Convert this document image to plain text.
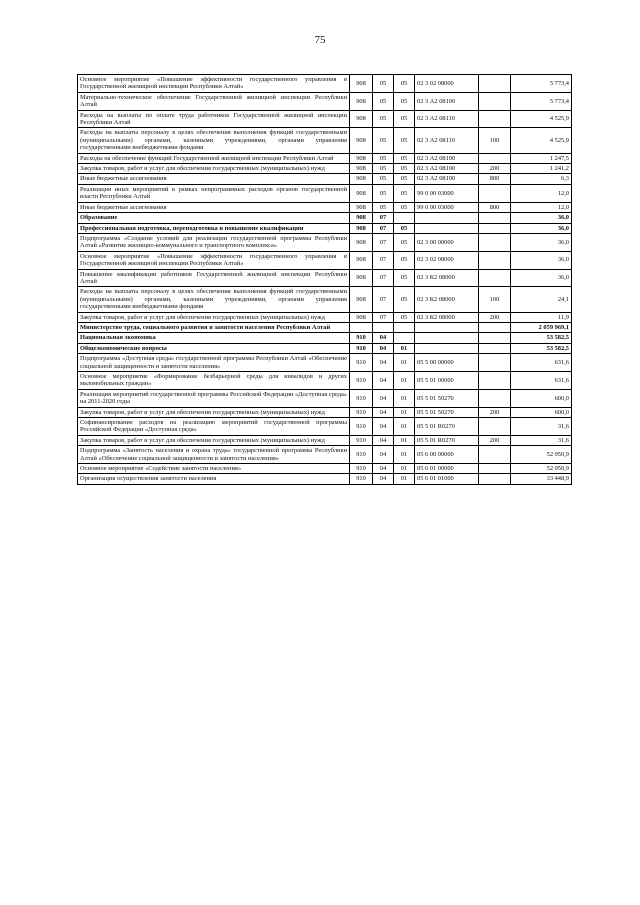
75
Основное мероприятие «Повышение эффективности государственного управления в Государственной жилищной инспекции Республики Алтай»	908	05	05	02 3 02 08000		5 773,4
Материально-техническое обеспечение Государственной жилищной инспекции Республики Алтай	908	05	05	02 3 А2 08100		5 773,4
Расходы на выплаты по оплате труда работников Государственной жилищной инспекции Республики Алтай	908	05	05	02 3 А2 08110		4 525,9
Расходы на выплаты персоналу в целях обеспечения выполнения функций государственными (муниципальными) органами, казенными учреждениями, органами управления государственными внебюджетными фондами	908	05	05	02 3 А2 08110	100	4 525,9
Расходы на обеспечение функций Государственной жилищной инспекции Республики Алтай	908	05	05	02 3 А2 08190		1 247,5
Закупка товаров, работ и услуг для обеспечения государственных (муниципальных) нужд	908	05	05	02 3 А2 08190	200	1 241,2
Иные бюджетные ассигнования	908	05	05	02 3 А2 08190	800	6,3
Реализация иных мероприятий в рамках непрограммных расходов органов государственной власти Республики Алтай	908	05	05	99 0 00 03000		12,0
Иные бюджетные ассигнования	908	05	05	99 0 00 03000	800	12,0
Образование	908	07				36,0
Профессиональная подготовка, переподготовка и повышение квалификации	908	07	05			36,0
Подпрограмма «Создание условий для реализации государственной программы Республики Алтай «Развитие жилищно-коммунального и транспортного комплекса»	908	07	05	02 3 00 00000		36,0
Основное мероприятие «Повышение эффективности государственного управления в Государственной жилищной инспекции Республики Алтай»	908	07	05	02 3 02 08000		36,0
Повышение квалификации работников Государственной жилищной инспекции Республики Алтай	908	07	05	02 3 К2 08000		36,0
Расходы на выплаты персоналу в целях обеспечения выполнения функций государственными (муниципальными) органами, казенными учреждениями, органами управления государственными внебюджетными фондами	908	07	05	02 3 К2 08000	100	24,1
Закупка товаров, работ и услуг для обеспечения государственных (муниципальных) нужд	908	07	05	02 3 К2 08000	200	11,9
Министерство труда, социального развития и занятости населения Республики Алтай						2 059 969,1
Национальная экономика	910	04				53 582,5
Общеэкономические вопросы	910	04	01			53 582,5
Подпрограмма «Доступная среда» государственной программы Республики Алтай «Обеспечение социальной защищенности и занятости населения»	910	04	01	05 5 00 00000		631,6
Основное мероприятие «Формирование безбарьерной среды для инвалидов и других маломобильных граждан»	910	04	01	05 5 01 00000		631,6
Реализация мероприятий государственной программы Российской Федерации «Доступная среда» на 2011-2020 годы	910	04	01	05 5 01 50270		600,0
Закупка товаров, работ и услуг для обеспечения государственных (муниципальных) нужд	910	04	01	05 5 01 50270	200	600,0
Софинансирование расходов на реализацию мероприятий государственной программы Российской Федерации «Доступная среда»	910	04	01	05 5 01 R0270		31,6
Закупка товаров, работ и услуг для обеспечения государственных (муниципальных) нужд	910	04	01	05 5 01 R0270	200	31,6
Подпрограмма «Занятость населения и охрана труда» государственной программы Республики Алтай «Обеспечение социальной защищенности и занятости населения»	910	04	01	05 6 00 00000		52 950,9
Основное мероприятие «Содействие занятости населения»	910	04	01	05 6 01 00000		52 950,9
Организация осуществления занятости населения	910	04	01	05 6 01 01000		33 448,9
